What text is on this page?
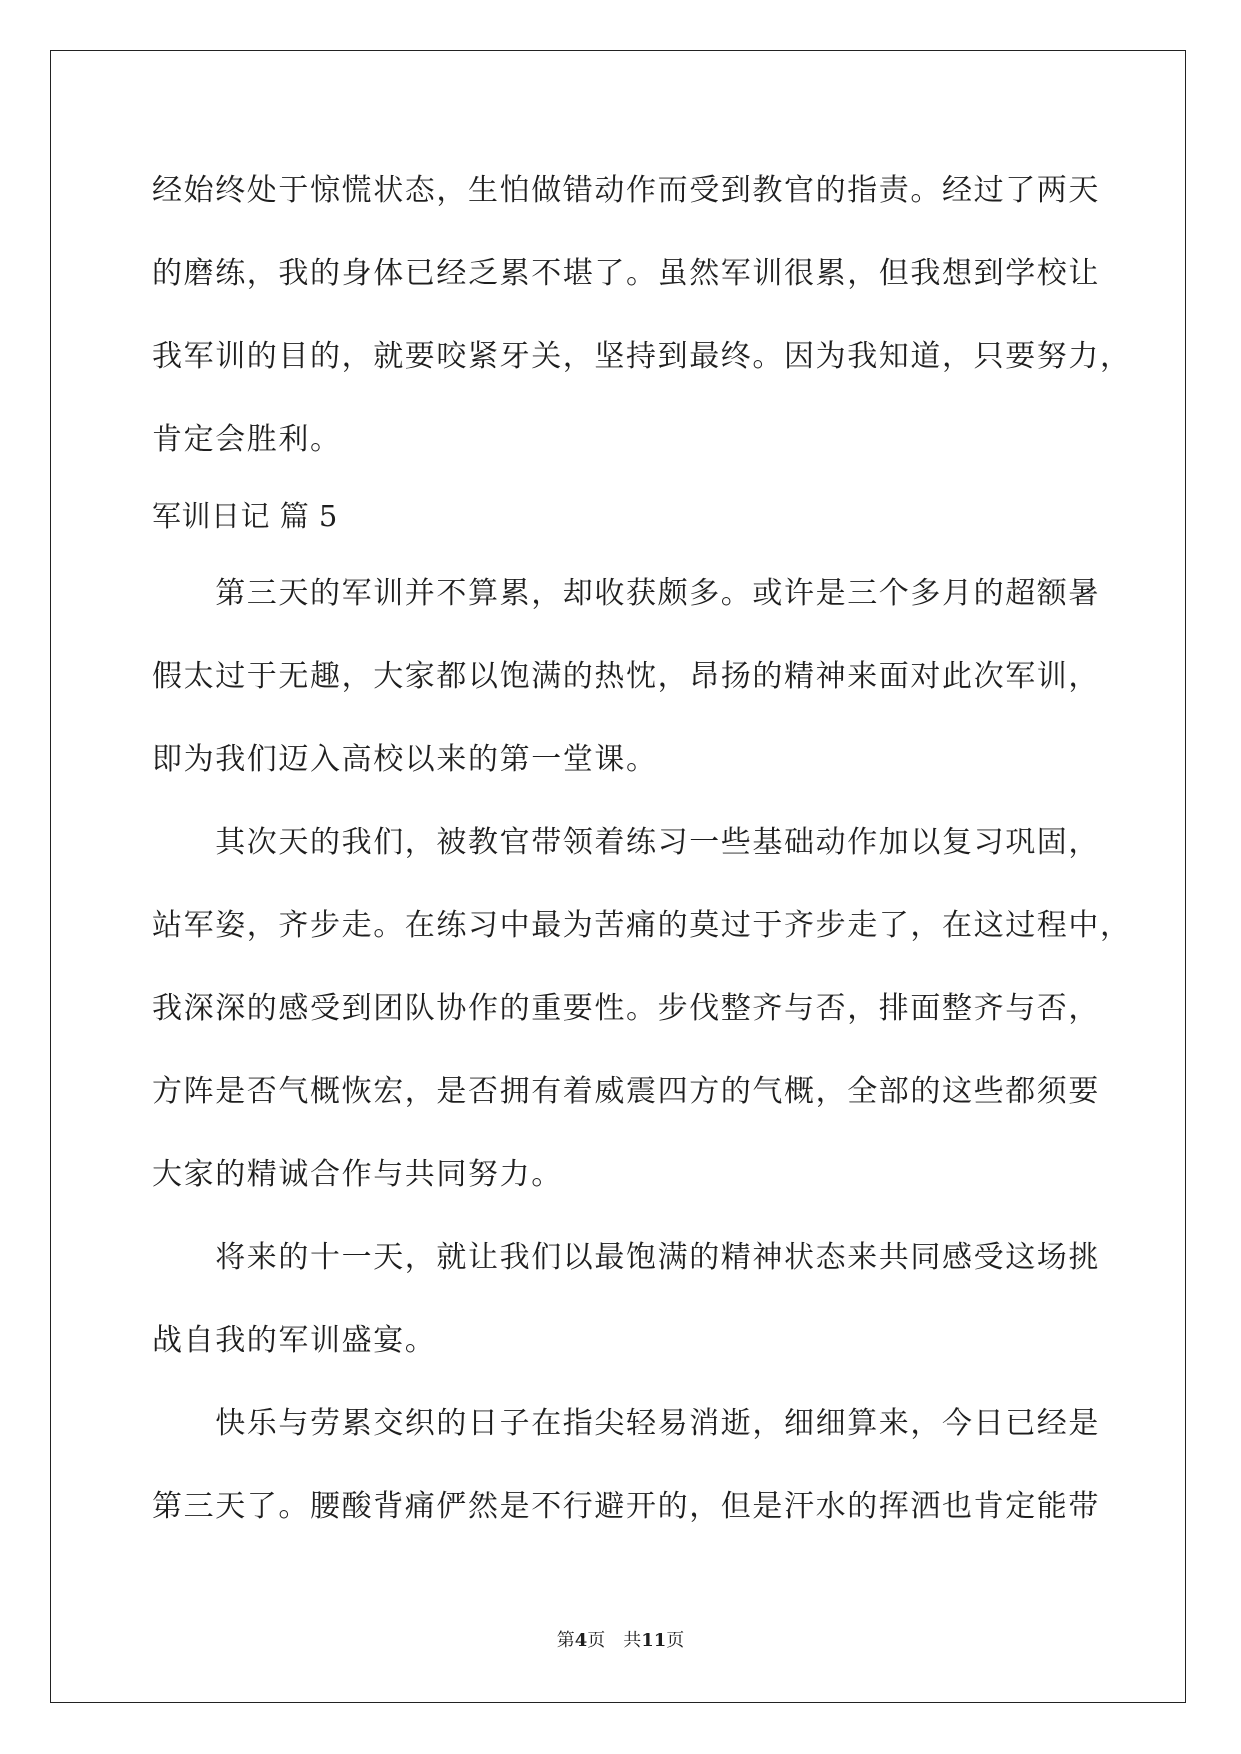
经始终处于惊慌状态，生怕做错动作而受到教官的指责。经过了两天
的磨练，我的身体已经乏累不堪了。虽然军训很累，但我想到学校让
我军训的目的，就要咬紧牙关，坚持到最终。因为我知道，只要努力，
肯定会胜利。
军训日记 篇 5
　　第三天的军训并不算累，却收获颇多。或许是三个多月的超额暑
假太过于无趣，大家都以饱满的热忱，昂扬的精神来面对此次军训，
即为我们迈入高校以来的第一堂课。
　　其次天的我们，被教官带领着练习一些基础动作加以复习巩固，
站军姿，齐步走。在练习中最为苦痛的莫过于齐步走了，在这过程中，
我深深的感受到团队协作的重要性。步伐整齐与否，排面整齐与否，
方阵是否气概恢宏，是否拥有着威震四方的气概，全部的这些都须要
大家的精诚合作与共同努力。
　　将来的十一天，就让我们以最饱满的精神状态来共同感受这场挑
战自我的军训盛宴。
　　快乐与劳累交织的日子在指尖轻易消逝，细细算来，今日已经是
第三天了。腰酸背痛俨然是不行避开的，但是汗水的挥洒也肯定能带
第4页　 共11页
